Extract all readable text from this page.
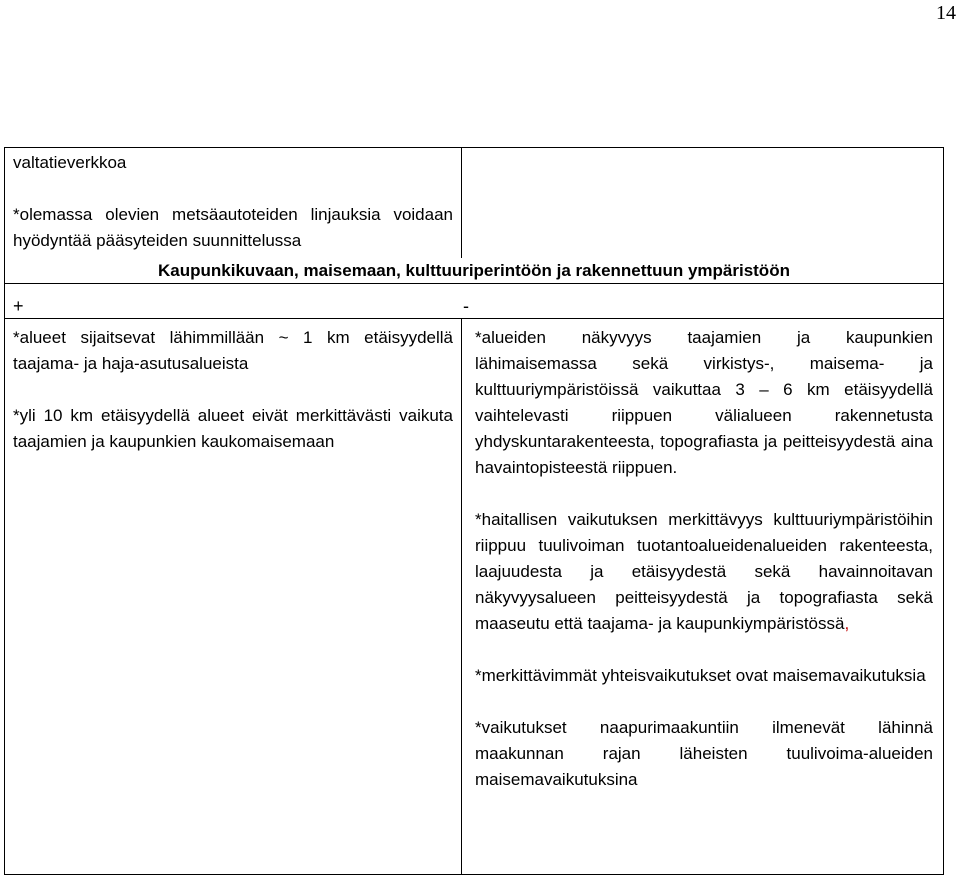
14

valtatieverkkoa

*olemassa olevien metsäautoteiden linjauksia voidaan hyödyntää pääsyteiden suunnittelussa

Kaupunkikuvaan, maisemaan, kulttuuriperintöön ja rakennettuun ympäristöön
+	-

*alueet sijaitsevat lähimmillään ~ 1 km etäisyydellä taajama- ja haja-asutusalueista

*yli 10 km etäisyydellä alueet eivät merkittävästi vaikuta taajamien ja kaupunkien kaukomaisemaan

*alueiden näkyvyys taajamien ja kaupunkien lähimaisemassa sekä virkistys-, maisema- ja kulttuuriympäristöissä vaikuttaa 3 – 6 km etäisyydellä vaihtelevasti riippuen välialueen rakennetusta yhdyskuntarakenteesta, topografiasta ja peitteisyydestä aina havaintopisteestä riippuen.

*haitallisen vaikutuksen merkittävyys kulttuuriympäristöihin riippuu tuulivoiman tuotantoalueidenalueiden rakenteesta, laajuudesta ja etäisyydestä sekä havainnoitavan näkyvyysalueen peitteisyydestä ja topografiasta sekä maaseutu että taajama- ja kaupunkiympäristössä,

*merkittävimmät yhteisvaikutukset ovat maisemavaikutuksia

*vaikutukset naapurimaakuntiin ilmenevät lähinnä maakunnan rajan läheisten tuulivoima-alueiden maisemavaikutuksina
